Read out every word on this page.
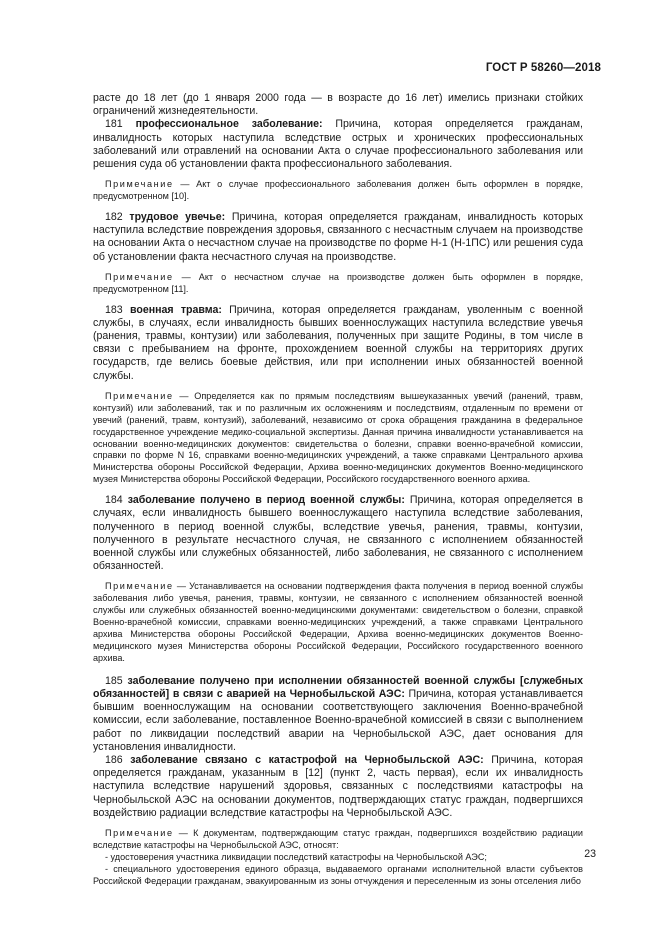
ГОСТ Р 58260—2018

расте до 18 лет (до 1 января 2000 года — в возрасте до 16 лет) имелись признаки стойких ограничений жизнедеятельности.

181 профессиональное заболевание: Причина, которая определяется гражданам, инвалидность которых наступила вследствие острых и хронических профессиональных заболеваний или отравлений на основании Акта о случае профессионального заболевания или решения суда об установлении факта профессионального заболевания.

Примечание — Акт о случае профессионального заболевания должен быть оформлен в порядке, предусмотренном [10].

182 трудовое увечье: Причина, которая определяется гражданам, инвалидность которых наступила вследствие повреждения здоровья, связанного с несчастным случаем на производстве на основании Акта о несчастном случае на производстве по форме Н-1 (Н-1ПС) или решения суда об установлении факта несчастного случая на производстве.

Примечание — Акт о несчастном случае на производстве должен быть оформлен в порядке, предусмотренном [11].

183 военная травма: Причина, которая определяется гражданам, уволенным с военной службы, в случаях, если инвалидность бывших военнослужащих наступила вследствие увечья (ранения, травмы, контузии) или заболевания, полученных при защите Родины, в том числе в связи с пребыванием на фронте, прохождением военной службы на территориях других государств, где велись боевые действия, или при исполнении иных обязанностей военной службы.

Примечание — Определяется как по прямым последствиям вышеуказанных увечий (ранений, травм, контузий) или заболеваний, так и по различным их осложнениям и последствиям, отдаленным по времени от увечий (ранений, травм, контузий), заболеваний, независимо от срока обращения гражданина в федеральное государственное учреждение медико-социальной экспертизы. Данная причина инвалидности устанавливается на основании военно-медицинских документов: свидетельства о болезни, справки военно-врачебной комиссии, справки по форме N 16, справками военно-медицинских учреждений, а также справками Центрального архива Министерства обороны Российской Федерации, Архива военно-медицинских документов Военно-медицинского музея Министерства обороны Российской Федерации, Российского государственного военного архива.

184 заболевание получено в период военной службы: Причина, которая определяется в случаях, если инвалидность бывшего военнослужащего наступила вследствие заболевания, полученного в период военной службы, вследствие увечья, ранения, травмы, контузии, полученного в результате несчастного случая, не связанного с исполнением обязанностей военной службы или служебных обязанностей, либо заболевания, не связанного с исполнением обязанностей.

Примечание — Устанавливается на основании подтверждения факта получения в период военной службы заболевания либо увечья, ранения, травмы, контузии, не связанного с исполнением обязанностей военной службы или служебных обязанностей военно-медицинскими документами: свидетельством о болезни, справкой Военно-врачебной комиссии, справками военно-медицинских учреждений, а также справками Центрального архива Министерства обороны Российской Федерации, Архива военно-медицинских документов Военно-медицинского музея Министерства обороны Российской Федерации, Российского государственного военного архива.

185 заболевание получено при исполнении обязанностей военной службы [служебных обязанностей] в связи с аварией на Чернобыльской АЭС: Причина, которая устанавливается бывшим военнослужащим на основании соответствующего заключения Военно-врачебной комиссии, если заболевание, поставленное Военно-врачебной комиссией в связи с выполнением работ по ликвидации последствий аварии на Чернобыльской АЭС, дает основания для установления инвалидности.

186 заболевание связано с катастрофой на Чернобыльской АЭС: Причина, которая определяется гражданам, указанным в [12] (пункт 2, часть первая), если их инвалидность наступила вследствие нарушений здоровья, связанных с последствиями катастрофы на Чернобыльской АЭС на основании документов, подтверждающих статус граждан, подвергшихся воздействию радиации вследствие катастрофы на Чернобыльской АЭС.

Примечание — К документам, подтверждающим статус граждан, подвергшихся воздействию радиации вследствие катастрофы на Чернобыльской АЭС, относят:

- удостоверения участника ликвидации последствий катастрофы на Чернобыльской АЭС;

- специального удостоверения единого образца, выдаваемого органами исполнительной власти субъектов Российской Федерации гражданам, эвакуированным из зоны отчуждения и переселенным из зоны отселения либо

23
